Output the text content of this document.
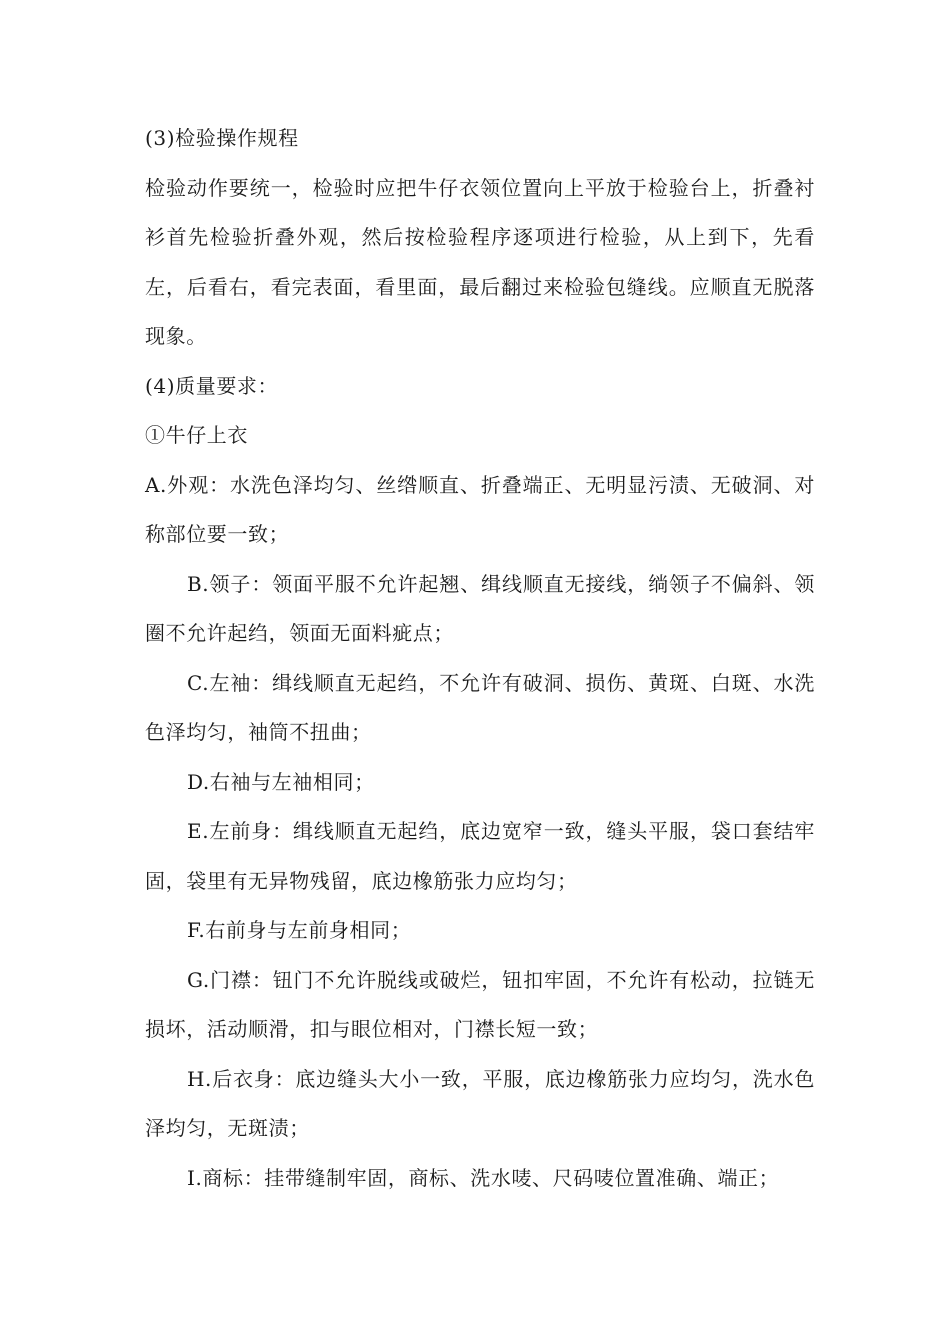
(3)检验操作规程

检验动作要统一，检验时应把牛仔衣领位置向上平放于检验台上，折叠衬衫首先检验折叠外观，然后按检验程序逐项进行检验，从上到下，先看左，后看右，看完表面，看里面，最后翻过来检验包缝线。应顺直无脱落现象。

(4)质量要求：

①牛仔上衣

A.外观：水洗色泽均匀、丝绺顺直、折叠端正、无明显污渍、无破洞、对称部位要一致；

B.领子：领面平服不允许起翘、缉线顺直无接线，绱领子不偏斜、领圈不允许起绉，领面无面料疵点；

C.左袖：缉线顺直无起绉，不允许有破洞、损伤、黄斑、白斑、水洗色泽均匀，袖筒不扭曲；

D.右袖与左袖相同；

E.左前身：缉线顺直无起绉，底边宽窄一致，缝头平服，袋口套结牢固，袋里有无异物残留，底边橡筋张力应均匀；

F.右前身与左前身相同；

G.门襟：钮门不允许脱线或破烂，钮扣牢固，不允许有松动，拉链无损坏，活动顺滑，扣与眼位相对，门襟长短一致；

H.后衣身：底边缝头大小一致，平服，底边橡筋张力应均匀，洗水色泽均匀，无斑渍；

I.商标：挂带缝制牢固，商标、洗水唛、尺码唛位置准确、端正；
